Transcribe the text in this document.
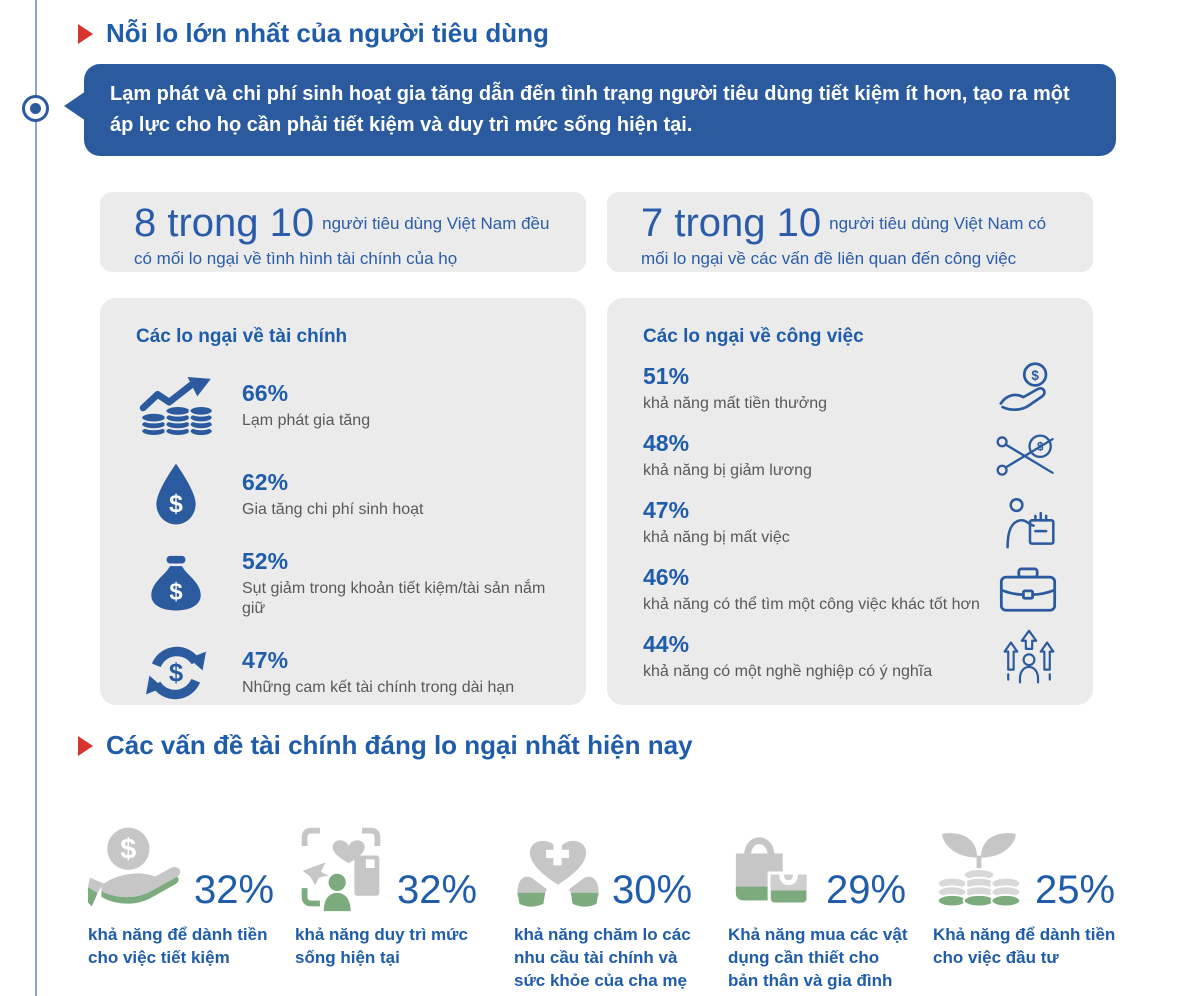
Nỗi lo lớn nhất của người tiêu dùng
Lạm phát và chi phí sinh hoạt gia tăng dẫn đến tình trạng người tiêu dùng tiết kiệm ít hơn, tạo ra một áp lực cho họ cần phải tiết kiệm và duy trì mức sống hiện tại.
8 trong 10 người tiêu dùng Việt Nam đều có mối lo ngại về tình hình tài chính của họ
7 trong 10 người tiêu dùng Việt Nam có mối lo ngại về các vấn đề liên quan đến công việc
Các lo ngại về tài chính
66%
Lạm phát gia tăng
$
62%
Gia tăng chi phí sinh hoạt
$
52%
Sụt giảm trong khoản tiết kiệm/tài sản nắm giữ
$	47%
Những cam kết tài chính trong dài hạn
Các lo ngại về công việc
51%
khả năng mất tiền thưởng
$
48%
khả năng bị giảm lương
$
47%
khả năng bị mất việc
46%
khả năng có thể tìm một công việc khác tốt hơn
44%
khả năng có một nghề nghiệp có ý nghĩa
Các vấn đề tài chính đáng lo ngại nhất hiện nay
$
32%
khả năng để dành tiền cho việc tiết kiệm
32%
khả năng duy trì mức sống hiện tại
30%
khả năng chăm lo các nhu cầu tài chính và sức khỏe của cha mẹ
29%
Khả năng mua các vật dụng cần thiết cho bản thân và gia đình
25%
Khả năng để dành tiền cho việc đầu tư
